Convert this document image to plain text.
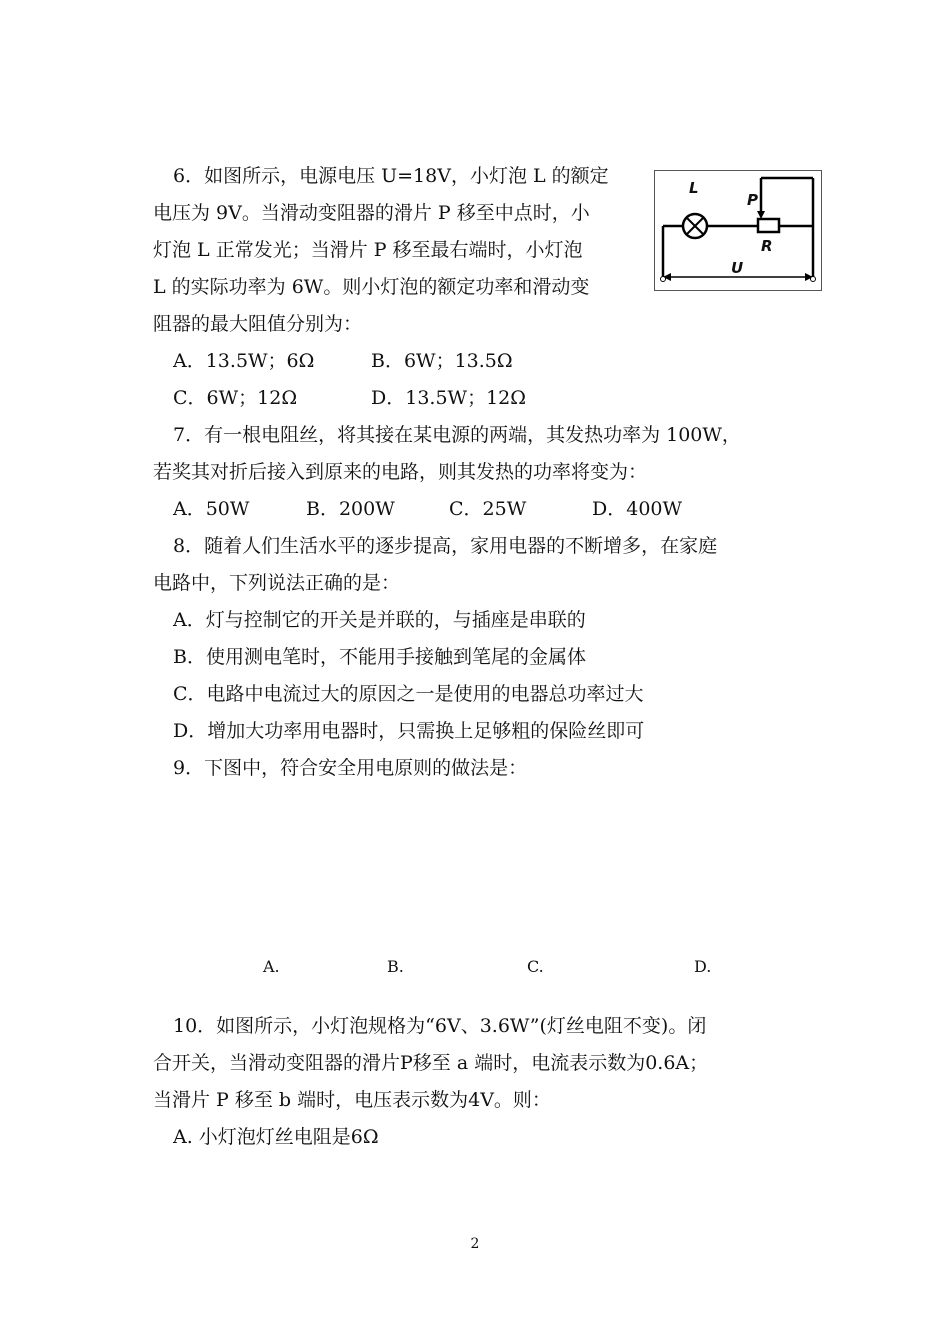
6．如图所示，电源电压 U=18V，小灯泡 L 的额定
电压为 9V。当滑动变阻器的滑片 P 移至中点时，小
灯泡 L 正常发光；当滑片 P 移至最右端时，小灯泡
L 的实际功率为 6W。则小灯泡的额定功率和滑动变
阻器的最大阻值分别为：
L
P
R
U
A．13.5W；6Ω	B．6W；13.5Ω
C．6W；12Ω	D．13.5W；12Ω
7．有一根电阻丝，将其接在某电源的两端，其发热功率为 100W，
若奖其对折后接入到原来的电路，则其发热的功率将变为：
A．50W	B．200W	C．25W	D．400W
8．随着人们生活水平的逐步提高，家用电器的不断增多，在家庭
电路中，下列说法正确的是：
A．灯与控制它的开关是并联的，与插座是串联的
B．使用测电笔时，不能用手接触到笔尾的金属体
C．电路中电流过大的原因之一是使用的电器总功率过大
D．增加大功率用电器时，只需换上足够粗的保险丝即可
9．下图中，符合安全用电原则的做法是：
A.	B.	C.	D.
10．如图所示，小灯泡规格为“6V、3.6W”(灯丝电阻不变)。闭
合开关，当滑动变阻器的滑片P移至 a 端时，电流表示数为0.6A；
当滑片 P 移至 b 端时，电压表示数为4V。则：
A. 小灯泡灯丝电阻是6Ω
2
